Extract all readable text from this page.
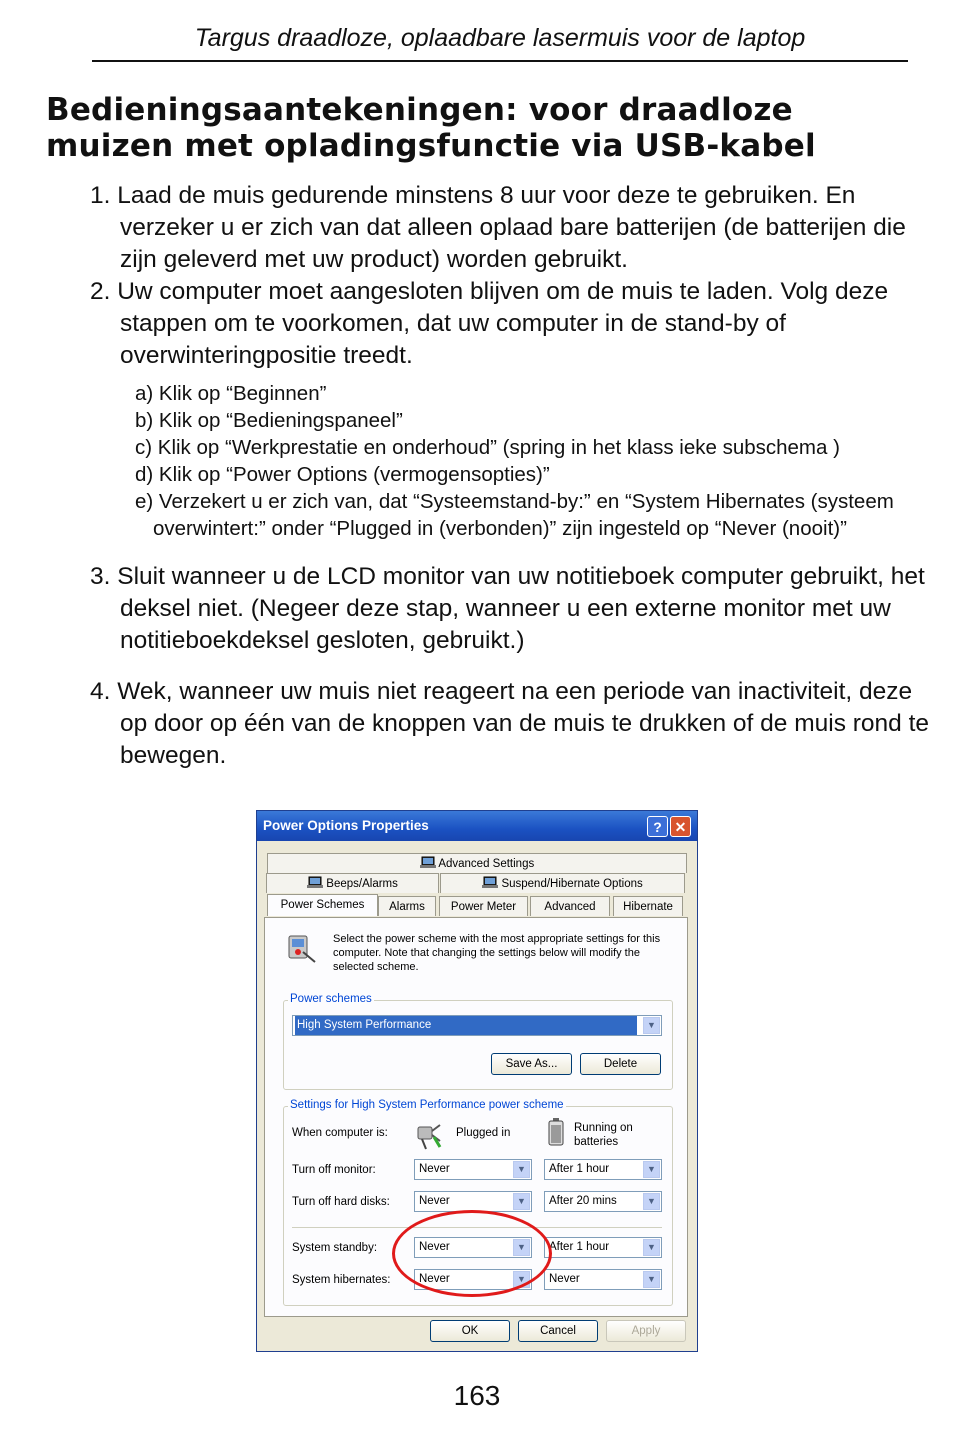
Targus draadloze, oplaadbare lasermuis voor de laptop
Bedieningsaantekeningen: voor draadloze muizen met opladingsfunctie via USB-kabel
1. Laad de muis gedurende minstens 8 uur voor deze te gebruiken. En verzeker u er zich van dat alleen oplaad bare batterijen (de batterijen die zijn geleverd met uw product) worden gebruikt.
2. Uw computer moet aangesloten blijven om de muis te laden. Volg deze stappen om te voorkomen, dat uw computer in de stand-by of overwinteringpositie treedt.
a) Klik op “Beginnen”
b) Klik op “Bedieningspaneel”
c) Klik op “Werkprestatie en onderhoud” (spring in het klass ieke subschema )
d) Klik op “Power Options (vermogensopties)”
e) Verzekert u er zich van, dat “Systeemstand-by:” en “System Hibernates (systeem overwintert:” onder “Plugged in (verbonden)” zijn ingesteld op “Never (nooit)”
3. Sluit wanneer u de LCD monitor van uw notitieboek computer gebruikt, het deksel niet. (Negeer deze stap, wanneer u een externe monitor met uw notitieboekdeksel gesloten, gebruikt.)
4. Wek, wanneer uw muis niet reageert na een periode van inactiviteit, deze op door op één van de knoppen van de muis te drukken of de muis rond te bewegen.
Power Options Properties	? ✕
Advanced Settings
Beeps/Alarms	Suspend/Hibernate Options
Power Schemes	Alarms	Power Meter	Advanced	Hibernate
Select the power scheme with the most appropriate settings for this computer. Note that changing the settings below will modify the selected scheme.
Power schemes
High System Performance	▼
Save As...	Delete
Settings for High System Performance power scheme
When computer is:	Plugged in	Running on batteries
Turn off monitor:	Never	▼	After 1 hour	▼
Turn off hard disks:	Never	▼	After 20 mins	▼
System standby:	Never	▼	After 1 hour	▼
System hibernates:	Never	▼	Never	▼
OK	Cancel	Apply
163
